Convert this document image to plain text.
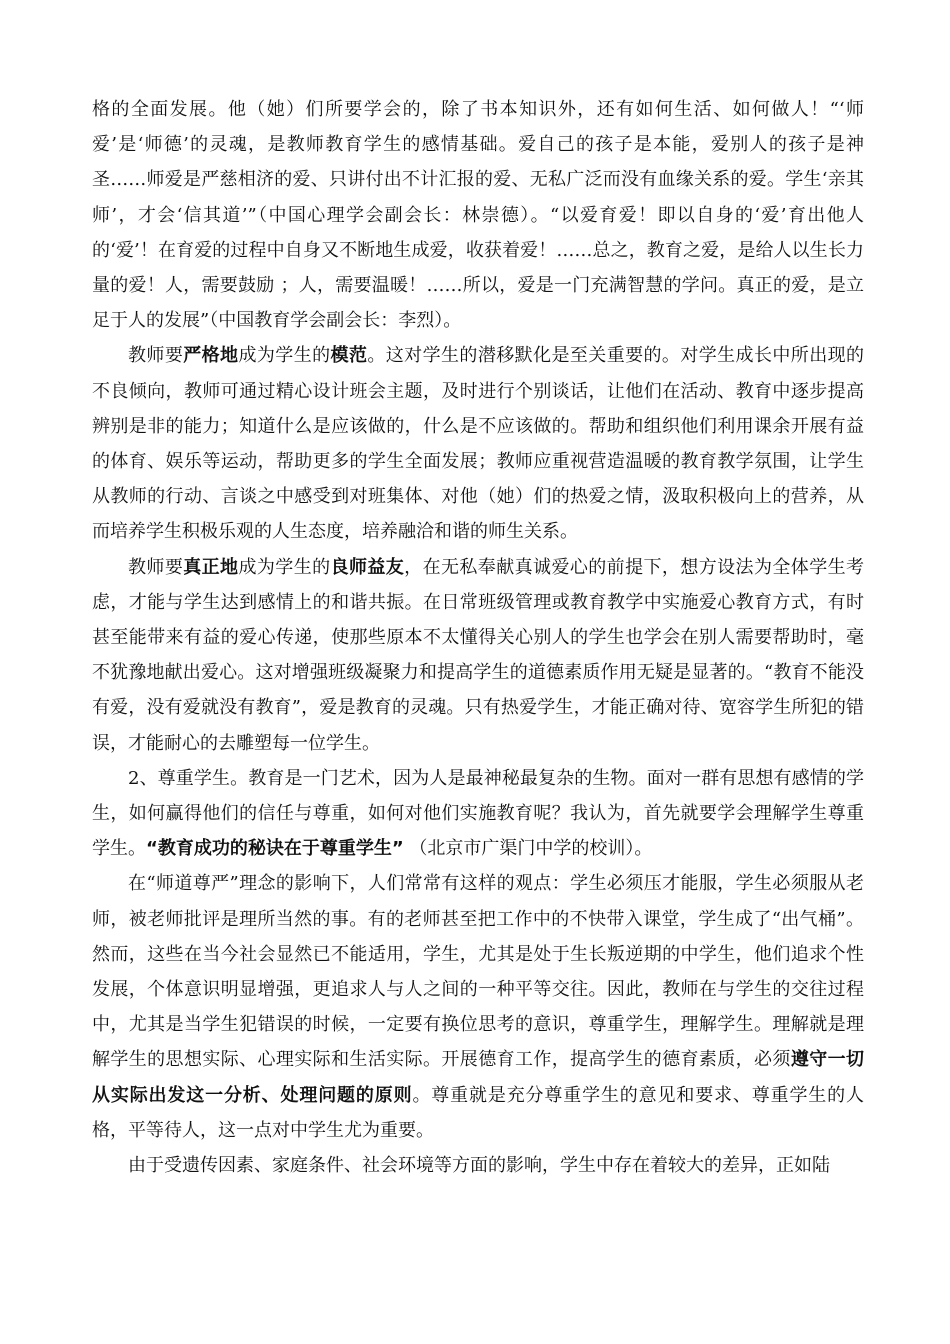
格的全面发展。他（她）们所要学会的，除了书本知识外，还有如何生活、如何做人！“‘师爱’是‘师德’的灵魂，是教师教育学生的感情基础。爱自己的孩子是本能，爱别人的孩子是神圣……师爱是严慈相济的爱、只讲付出不计汇报的爱、无私广泛而没有血缘关系的爱。学生‘亲其师’，才会‘信其道’”（中国心理学会副会长：林崇德）。“以爱育爱！即以自身的‘爱’育出他人的‘爱’！在育爱的过程中自身又不断地生成爱，收获着爱！……总之，教育之爱，是给人以生长力量的爱！人，需要鼓励 ；人，需要温暖！……所以，爱是一门充满智慧的学问。真正的爱，是立足于人的发展”（中国教育学会副会长：李烈）。

教师要严格地成为学生的模范。这对学生的潜移默化是至关重要的。对学生成长中所出现的不良倾向，教师可通过精心设计班会主题，及时进行个别谈话，让他们在活动、教育中逐步提高辨别是非的能力；知道什么是应该做的，什么是不应该做的。帮助和组织他们利用课余开展有益的体育、娱乐等运动，帮助更多的学生全面发展；教师应重视营造温暖的教育教学氛围，让学生从教师的行动、言谈之中感受到对班集体、对他（她）们的热爱之情，汲取积极向上的营养，从而培养学生积极乐观的人生态度，培养融洽和谐的师生关系。

教师要真正地成为学生的良师益友，在无私奉献真诚爱心的前提下，想方设法为全体学生考虑，才能与学生达到感情上的和谐共振。在日常班级管理或教育教学中实施爱心教育方式，有时甚至能带来有益的爱心传递，使那些原本不太懂得关心别人的学生也学会在别人需要帮助时，毫不犹豫地献出爱心。这对增强班级凝聚力和提高学生的道德素质作用无疑是显著的。“教育不能没有爱，没有爱就没有教育”，爱是教育的灵魂。只有热爱学生，才能正确对待、宽容学生所犯的错误，才能耐心的去雕塑每一位学生。

2、尊重学生。教育是一门艺术，因为人是最神秘最复杂的生物。面对一群有思想有感情的学生，如何赢得他们的信任与尊重，如何对他们实施教育呢？我认为，首先就要学会理解学生尊重学生。“教育成功的秘诀在于尊重学生” （北京市广渠门中学的校训）。

在“师道尊严”理念的影响下，人们常常有这样的观点：学生必须压才能服，学生必须服从老师，被老师批评是理所当然的事。有的老师甚至把工作中的不快带入课堂，学生成了“出气桶”。然而，这些在当今社会显然已不能适用，学生，尤其是处于生长叛逆期的中学生，他们追求个性发展，个体意识明显增强，更追求人与人之间的一种平等交往。因此，教师在与学生的交往过程中，尤其是当学生犯错误的时候，一定要有换位思考的意识，尊重学生，理解学生。理解就是理解学生的思想实际、心理实际和生活实际。开展德育工作，提高学生的德育素质，必须遵守一切从实际出发这一分析、处理问题的原则。尊重就是充分尊重学生的意见和要求、尊重学生的人格，平等待人，这一点对中学生尤为重要。

由于受遗传因素、家庭条件、社会环境等方面的影响，学生中存在着较大的差异，正如陆
